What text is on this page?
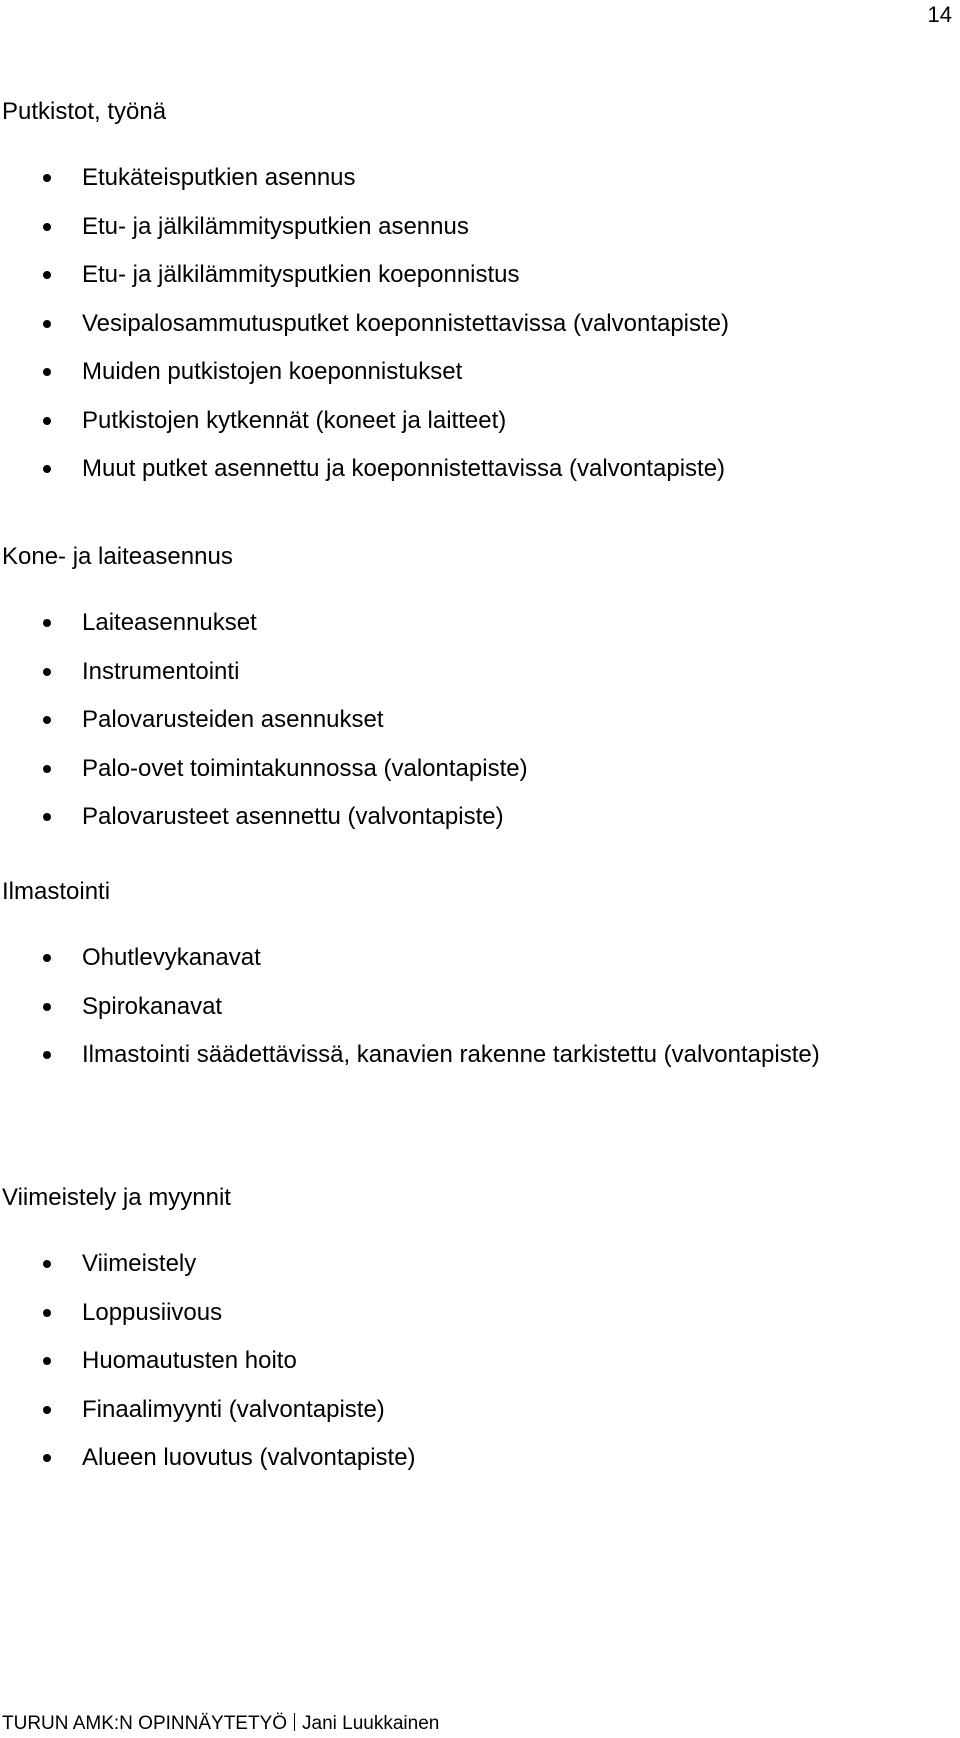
14
Putkistot, työnä
Etukäteisputkien asennus
Etu- ja jälkilämmitysputkien asennus
Etu- ja jälkilämmitysputkien koeponnistus
Vesipalosammutusputket koeponnistettavissa (valvontapiste)
Muiden putkistojen koeponnistukset
Putkistojen kytkennät (koneet ja laitteet)
Muut putket asennettu ja koeponnistettavissa (valvontapiste)
Kone- ja laiteasennus
Laiteasennukset
Instrumentointi
Palovarusteiden asennukset
Palo-ovet toimintakunnossa (valontapiste)
Palovarusteet asennettu (valvontapiste)
Ilmastointi
Ohutlevykanavat
Spirokanavat
Ilmastointi säädettävissä, kanavien rakenne tarkistettu (valvontapiste)
Viimeistely ja myynnit
Viimeistely
Loppusiivous
Huomautusten hoito
Finaalimyynti (valvontapiste)
Alueen luovutus (valvontapiste)
TURUN AMK:N OPINNÄYTETYÖ Jani Luukkainen
